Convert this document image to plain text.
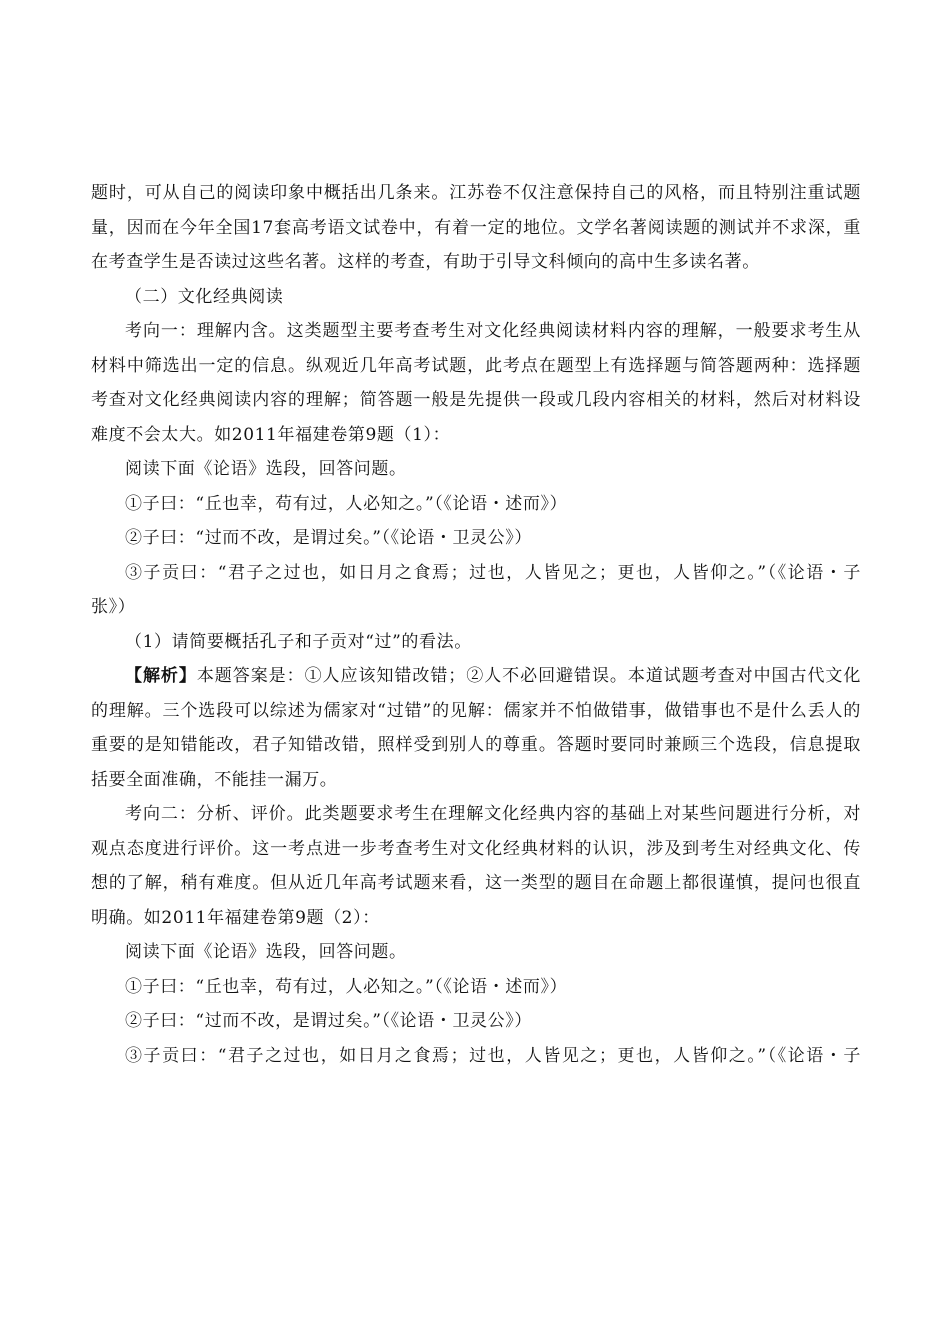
题时，可从自己的阅读印象中概括出几条来。江苏卷不仅注意保持自己的风格，而且特别注重试题
量，因而在今年全国17套高考语文试卷中，有着一定的地位。文学名著阅读题的测试并不求深，重
在考查学生是否读过这些名著。这样的考查，有助于引导文科倾向的高中生多读名著。
（二）文化经典阅读
考向一：理解内含。这类题型主要考查考生对文化经典阅读材料内容的理解，一般要求考生从
材料中筛选出一定的信息。纵观近几年高考试题，此考点在题型上有选择题与简答题两种：选择题
考查对文化经典阅读内容的理解；简答题一般是先提供一段或几段内容相关的材料，然后对材料设
难度不会太大。如2011年福建卷第9题（1）：
阅读下面《论语》选段，回答问题。
①子曰：“丘也幸，苟有过，人必知之。”（《论语・述而》）
②子曰：“过而不改，是谓过矣。”（《论语・卫灵公》）
③子贡曰：“君子之过也，如日月之食焉；过也，人皆见之；更也，人皆仰之。”（《论语・子
张》）
（1）请简要概括孔子和子贡对“过”的看法。
【解析】本题答案是：①人应该知错改错；②人不必回避错误。本道试题考查对中国古代文化
的理解。三个选段可以综述为儒家对“过错”的见解：儒家并不怕做错事，做错事也不是什么丢人的
重要的是知错能改，君子知错改错，照样受到别人的尊重。答题时要同时兼顾三个选段，信息提取
括要全面准确，不能挂一漏万。
考向二：分析、评价。此类题要求考生在理解文化经典内容的基础上对某些问题进行分析，对
观点态度进行评价。这一考点进一步考查考生对文化经典材料的认识，涉及到考生对经典文化、传
想的了解，稍有难度。但从近几年高考试题来看，这一类型的题目在命题上都很谨慎，提问也很直
明确。如2011年福建卷第9题（2）：
阅读下面《论语》选段，回答问题。
①子曰：“丘也幸，苟有过，人必知之。”（《论语・述而》）
②子曰：“过而不改，是谓过矣。”（《论语・卫灵公》）
③子贡曰：“君子之过也，如日月之食焉；过也，人皆见之；更也，人皆仰之。”（《论语・子
